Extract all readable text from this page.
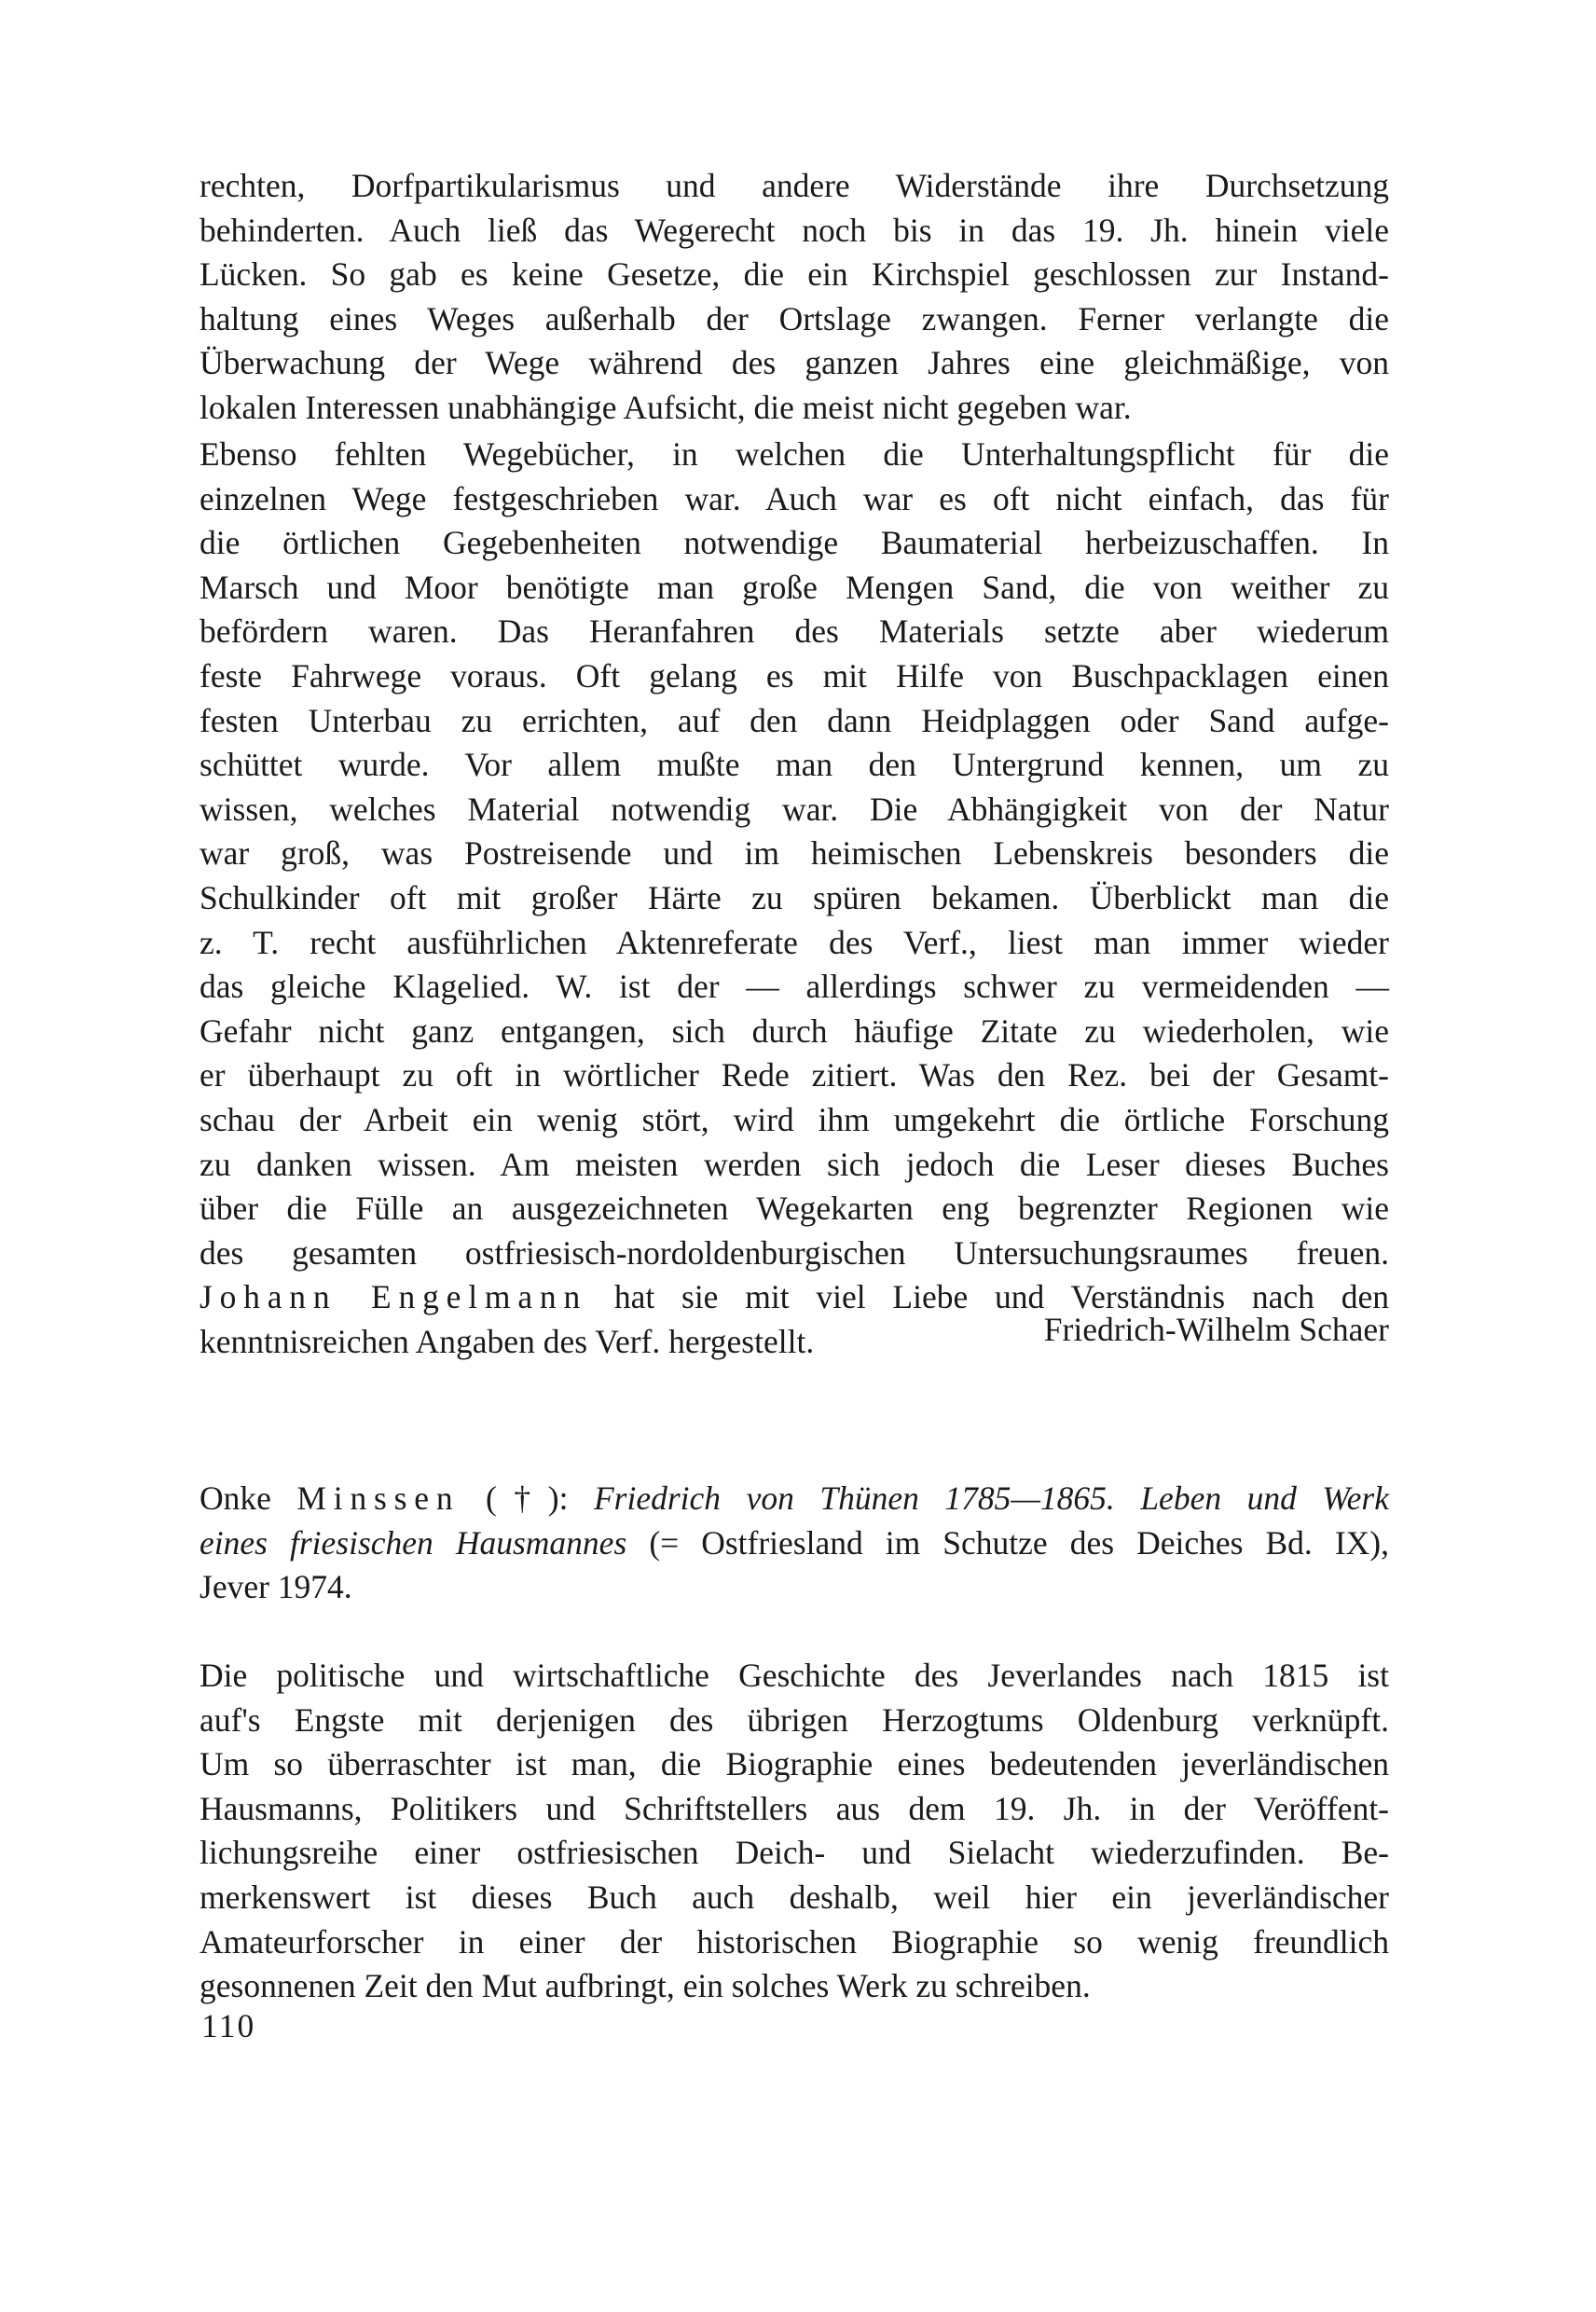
rechten, Dorfpartikularismus und andere Widerstände ihre Durchsetzung
behinderten. Auch ließ das Wegerecht noch bis in das 19. Jh. hinein viele
Lücken. So gab es keine Gesetze, die ein Kirchspiel geschlossen zur Instand-
haltung eines Weges außerhalb der Ortslage zwangen. Ferner verlangte die
Überwachung der Wege während des ganzen Jahres eine gleichmäßige, von
lokalen Interessen unabhängige Aufsicht, die meist nicht gegeben war.
Ebenso fehlten Wegebücher, in welchen die Unterhaltungspflicht für die
einzelnen Wege festgeschrieben war. Auch war es oft nicht einfach, das für
die örtlichen Gegebenheiten notwendige Baumaterial herbeizuschaffen. In
Marsch und Moor benötigte man große Mengen Sand, die von weither zu
befördern waren. Das Heranfahren des Materials setzte aber wiederum
feste Fahrwege voraus. Oft gelang es mit Hilfe von Buschpacklagen einen
festen Unterbau zu errichten, auf den dann Heidplaggen oder Sand aufge-
schüttet wurde. Vor allem mußte man den Untergrund kennen, um zu
wissen, welches Material notwendig war. Die Abhängigkeit von der Natur
war groß, was Postreisende und im heimischen Lebenskreis besonders die
Schulkinder oft mit großer Härte zu spüren bekamen. Überblickt man die
z. T. recht ausführlichen Aktenreferate des Verf., liest man immer wieder
das gleiche Klagelied. W. ist der — allerdings schwer zu vermeidenden —
Gefahr nicht ganz entgangen, sich durch häufige Zitate zu wiederholen, wie
er überhaupt zu oft in wörtlicher Rede zitiert. Was den Rez. bei der Gesamt-
schau der Arbeit ein wenig stört, wird ihm umgekehrt die örtliche Forschung
zu danken wissen. Am meisten werden sich jedoch die Leser dieses Buches
über die Fülle an ausgezeichneten Wegekarten eng begrenzter Regionen wie
des gesamten ostfriesisch-nordoldenburgischen Untersuchungsraumes freuen.
Johann Engelmann hat sie mit viel Liebe und Verständnis nach den
kenntnisreichen Angaben des Verf. hergestellt.	Friedrich-Wilhelm Schaer
Onke Minssen (†): Friedrich von Thünen 1785—1865. Leben und Werk
eines friesischen Hausmannes (= Ostfriesland im Schutze des Deiches Bd. IX),
Jever 1974.
Die politische und wirtschaftliche Geschichte des Jeverlandes nach 1815 ist
auf's Engste mit derjenigen des übrigen Herzogtums Oldenburg verknüpft.
Um so überraschter ist man, die Biographie eines bedeutenden jeverländischen
Hausmanns, Politikers und Schriftstellers aus dem 19. Jh. in der Veröffent-
lichungsreihe einer ostfriesischen Deich- und Sielacht wiederzufinden. Be-
merkenswert ist dieses Buch auch deshalb, weil hier ein jeverländischer
Amateurforscher in einer der historischen Biographie so wenig freundlich
gesonnenen Zeit den Mut aufbringt, ein solches Werk zu schreiben.
110
